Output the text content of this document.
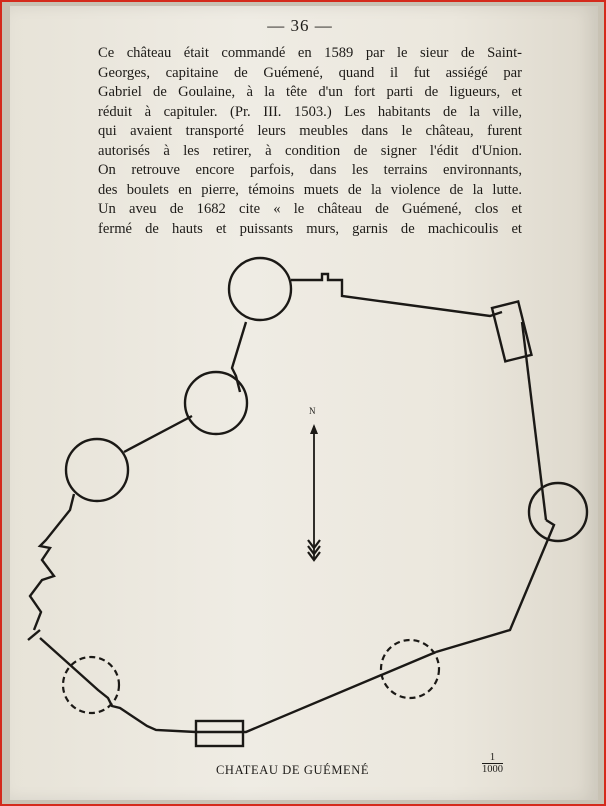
— 36 —
Ce château était commandé en 1589 par le sieur de Saint-
Georges, capitaine de Guémené, quand il fut assiégé par
Gabriel de Goulaine, à la tête d'un fort parti de ligueurs, et
réduit à capituler. (Pr. III. 1503.) Les habitants de la ville,
qui avaient transporté leurs meubles dans le château, furent
autorisés à les retirer, à condition de signer l'édit d'Union.
On retrouve encore parfois, dans les terrains environnants,
des boulets en pierre, témoins muets de la violence de la lutte.
Un aveu de 1682 cite « le château de Guémené, clos et
fermé de hauts et puissants murs, garnis de machicoulis et
N
CHATEAU DE GUÉMENÉ	$\frac{1}{1000}$
